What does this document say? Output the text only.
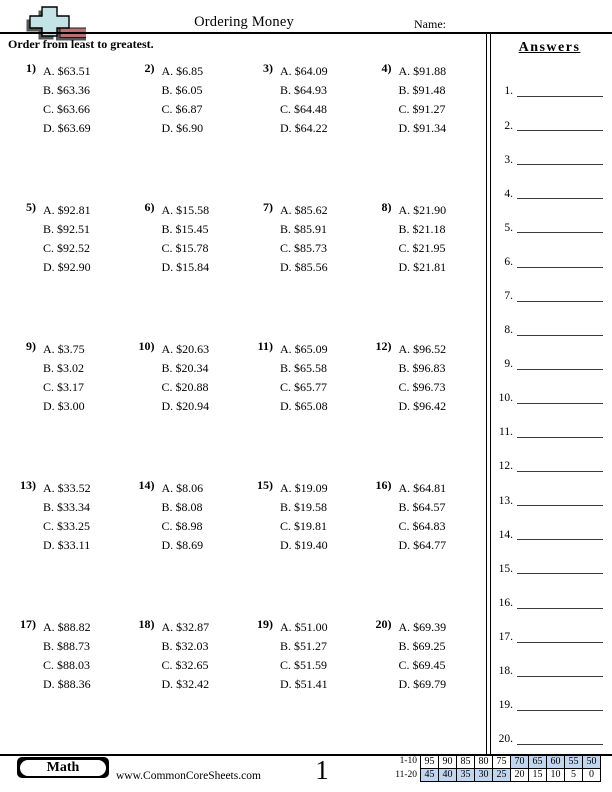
Ordering Money	Name:
Order from least to greatest.
1) A. $63.51
B. $63.36
C. $63.66
D. $63.69
2) A. $6.85
B. $6.05
C. $6.87
D. $6.90
3) A. $64.09
B. $64.93
C. $64.48
D. $64.22
4) A. $91.88
B. $91.48
C. $91.27
D. $91.34
5) A. $92.81
B. $92.51
C. $92.52
D. $92.90
6) A. $15.58
B. $15.45
C. $15.78
D. $15.84
7) A. $85.62
B. $85.91
C. $85.73
D. $85.56
8) A. $21.90
B. $21.18
C. $21.95
D. $21.81
9) A. $3.75
B. $3.02
C. $3.17
D. $3.00
10) A. $20.63
B. $20.34
C. $20.88
D. $20.94
11) A. $65.09
B. $65.58
C. $65.77
D. $65.08
12) A. $96.52
B. $96.83
C. $96.73
D. $96.42
13) A. $33.52
B. $33.34
C. $33.25
D. $33.11
14) A. $8.06
B. $8.08
C. $8.98
D. $8.69
15) A. $19.09
B. $19.58
C. $19.81
D. $19.40
16) A. $64.81
B. $64.57
C. $64.83
D. $64.77
17) A. $88.82
B. $88.73
C. $88.03
D. $88.36
18) A. $32.87
B. $32.03
C. $32.65
D. $32.42
19) A. $51.00
B. $51.27
C. $51.59
D. $51.41
20) A. $69.39
B. $69.25
C. $69.45
D. $69.79
Answers
1.
2.
3.
4.
5.
6.
7.
8.
9.
10.
11.
12.
13.
14.
15.
16.
17.
18.
19.
20.
Math
www.CommonCoreSheets.com 1	1-10 95 90 85 80 75 70 65 60 55 50
11-20 45 40 35 30 25 20 15 10	5	0
